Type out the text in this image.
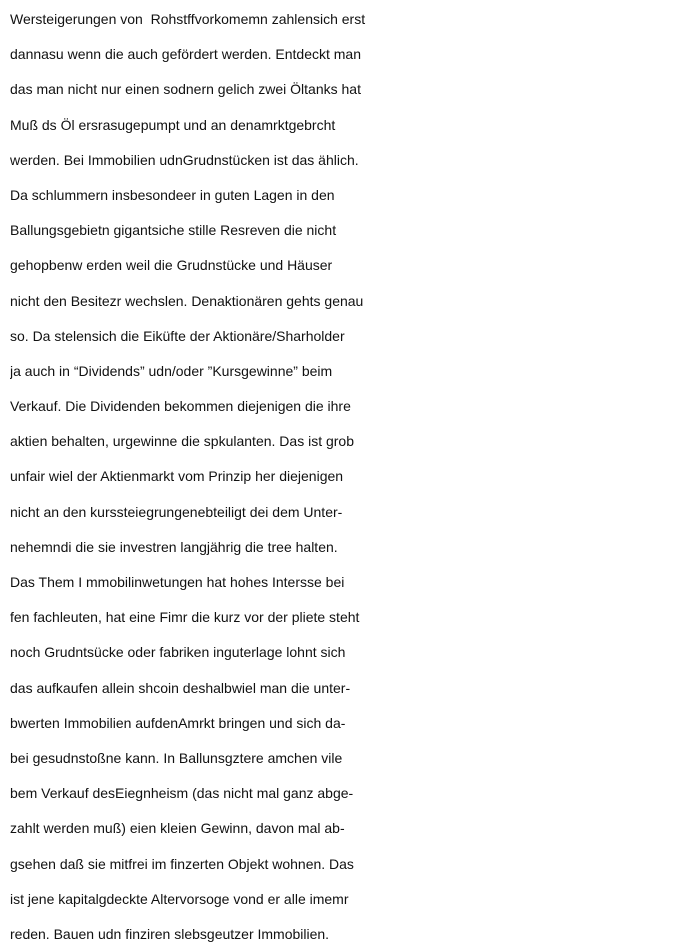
Wersteigerungen von  Rohstffvorkomemn zahlensich erst
dannasu wenn die auch gefördert werden. Entdeckt man
das man nicht nur einen sodnern gelich zwei Öltanks hat
Muß ds Öl ersrasugepumpt und an denamrktgebrcht
werden. Bei Immobilien udnGrudnstücken ist das ählich.
Da schlummern insbesondeer in guten Lagen in den
Ballungsgebietn gigantsiche stille Resreven die nicht
gehopbenw erden weil die Grudnstücke und Häuser
nicht den Besitezr wechslen. Denaktionären gehts genau
so. Da stelensich die Eiküfte der Aktionäre/Sharholder
ja auch in “Dividends” udn/oder ”Kursgewinne” beim
Verkauf. Die Dividenden bekommen diejenigen die ihre
aktien behalten, urgewinne die spkulanten. Das ist grob
unfair wiel der Aktienmarkt vom Prinzip her diejenigen
nicht an den kurssteiegrungenebteiligt dei dem Unter-
nehemndi die sie investren langjährig die tree halten.
Das Them I mmobilinwetungen hat hohes Intersse bei
fen fachleuten, hat eine Fimr die kurz vor der pliete steht
noch Grudntsücke oder fabriken inguterlage lohnt sich
das aufkaufen allein shcoin deshalbwiel man die unter-
bwerten Immobilien aufdenAmrkt bringen und sich da-
bei gesudnstoßne kann. In Ballunsgztere amchen vile
bem Verkauf desEiegnheism (das nicht mal ganz abge-
zahlt werden muß) eien kleien Gewinn, davon mal ab-
gsehen daß sie mitfrei im finzerten Objekt wohnen. Das
ist jene kapitalgdeckte Altervorsoge vond er alle imemr
reden. Bauen udn finziren slebsgeutzer Immobilien.
